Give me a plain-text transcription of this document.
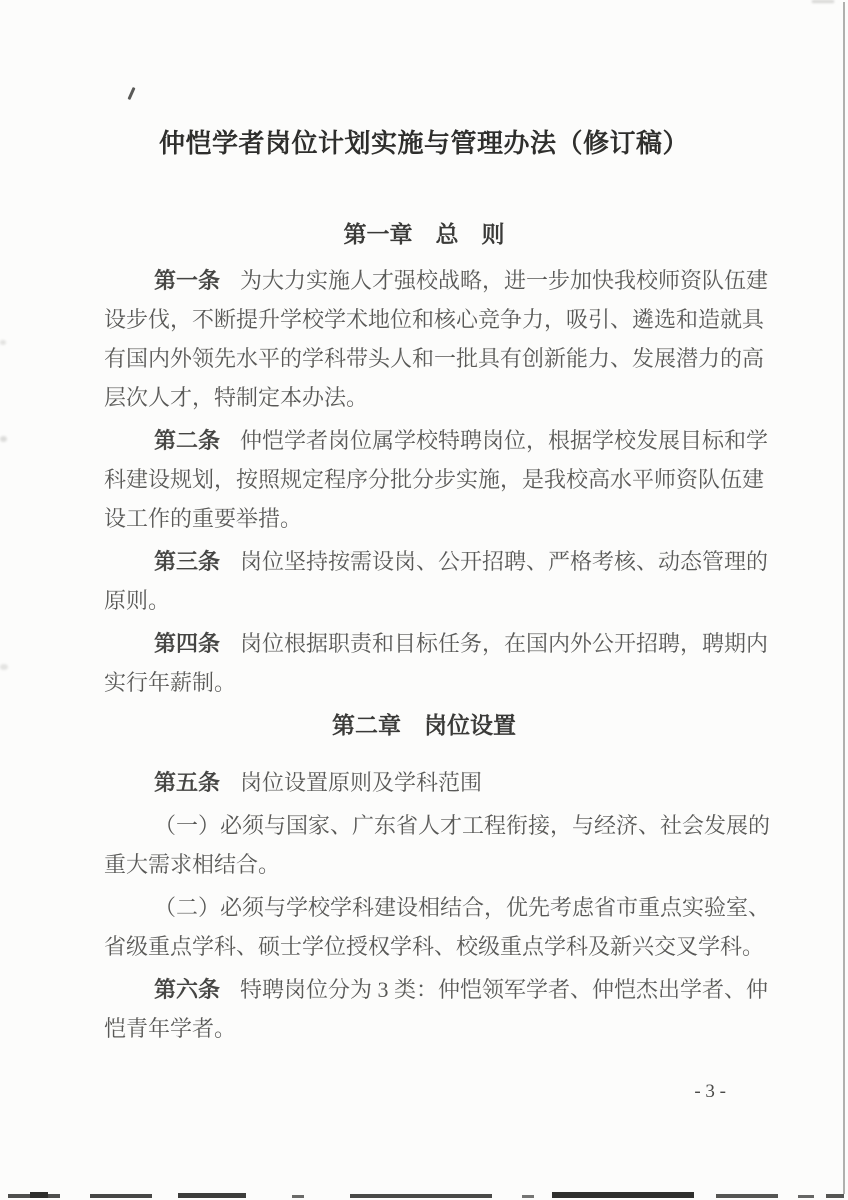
仲恺学者岗位计划实施与管理办法（修订稿）
第一章　总　则
第一条 为大力实施人才强校战略，进一步加快我校师资队伍建
设步伐，不断提升学校学术地位和核心竞争力，吸引、遴选和造就具
有国内外领先水平的学科带头人和一批具有创新能力、发展潜力的高
层次人才，特制定本办法。
第二条 仲恺学者岗位属学校特聘岗位，根据学校发展目标和学
科建设规划，按照规定程序分批分步实施，是我校高水平师资队伍建
设工作的重要举措。
第三条 岗位坚持按需设岗、公开招聘、严格考核、动态管理的
原则。
第四条 岗位根据职责和目标任务，在国内外公开招聘，聘期内
实行年薪制。
第二章　岗位设置
第五条 岗位设置原则及学科范围
（一）必须与国家、广东省人才工程衔接，与经济、社会发展的
重大需求相结合。
（二）必须与学校学科建设相结合，优先考虑省市重点实验室、
省级重点学科、硕士学位授权学科、校级重点学科及新兴交叉学科。
第六条 特聘岗位分为 3 类：仲恺领军学者、仲恺杰出学者、仲
恺青年学者。
- 3 -
